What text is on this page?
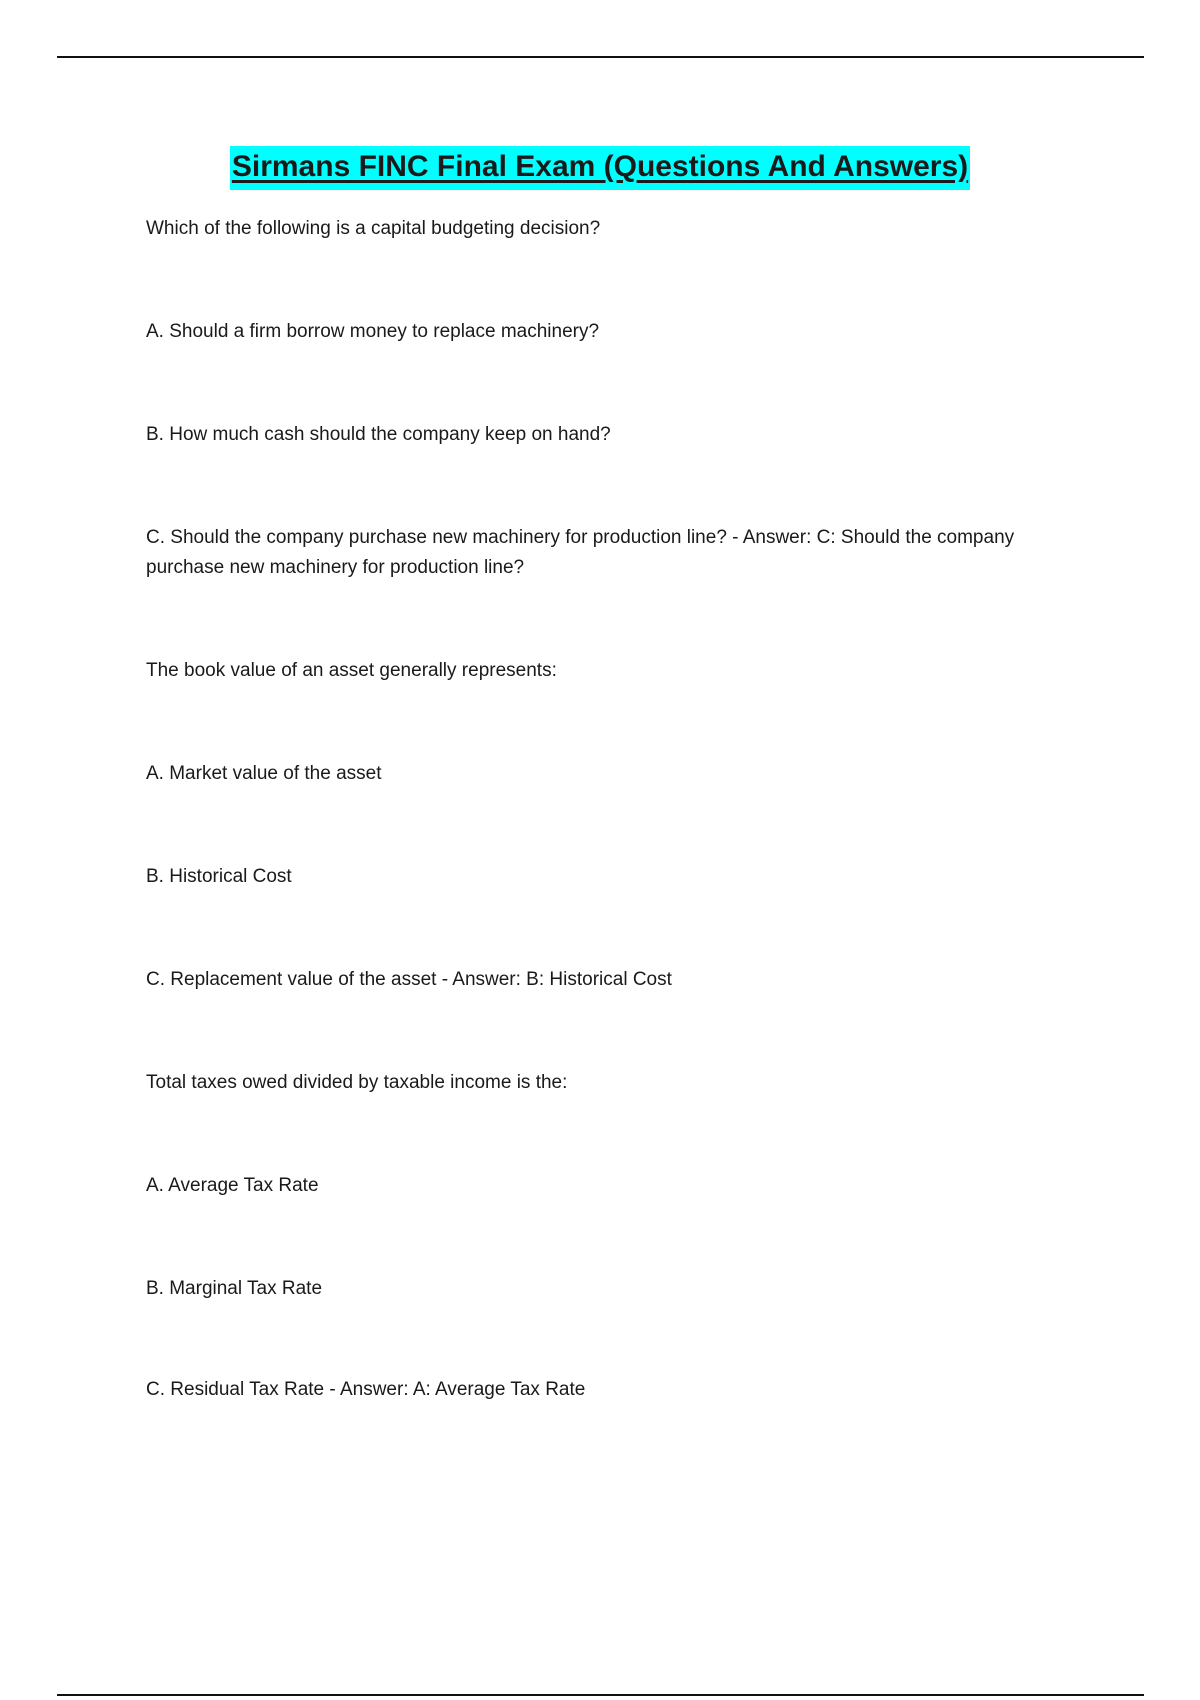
Sirmans FINC Final Exam (Questions And Answers)
Which of the following is a capital budgeting decision?
A. Should a firm borrow money to replace machinery?
B. How much cash should the company keep on hand?
C. Should the company purchase new machinery for production line? - Answer: C: Should the company purchase new machinery for production line?
The book value of an asset generally represents:
A. Market value of the asset
B. Historical Cost
C. Replacement value of the asset - Answer: B: Historical Cost
Total taxes owed divided by taxable income is the:
A. Average Tax Rate
B. Marginal Tax Rate
C. Residual Tax Rate - Answer: A: Average Tax Rate
